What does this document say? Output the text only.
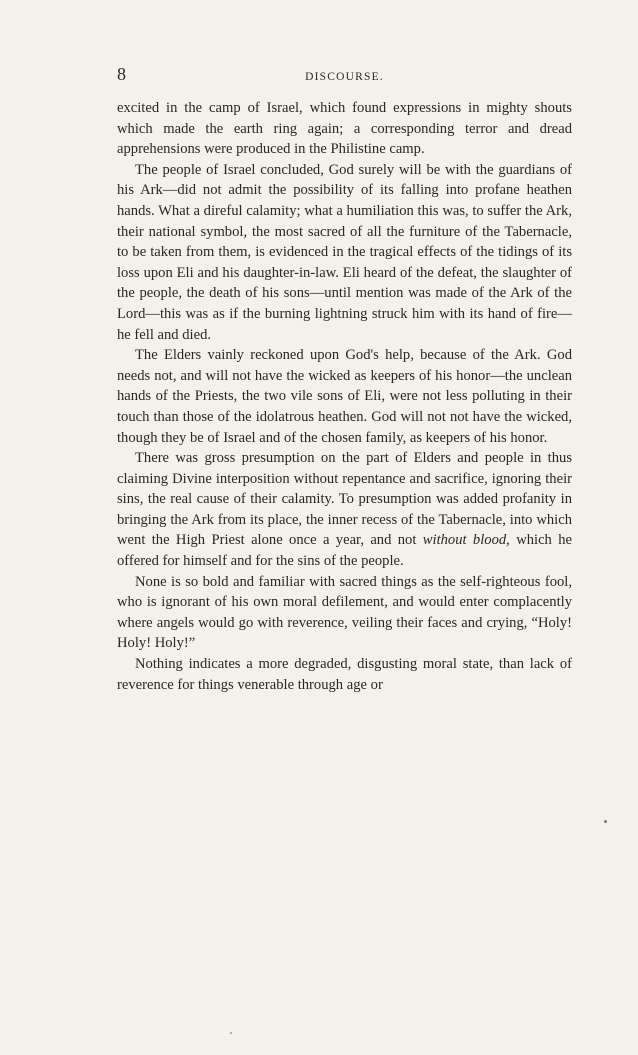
8	DISCOURSE.

excited in the camp of Israel, which found expressions in mighty shouts which made the earth ring again; a corresponding terror and dread apprehensions were produced in the Philistine camp.

The people of Israel concluded, God surely will be with the guardians of his Ark—did not admit the possibility of its falling into profane heathen hands. What a direful calamity; what a humiliation this was, to suffer the Ark, their national symbol, the most sacred of all the furniture of the Tabernacle, to be taken from them, is evidenced in the tragical effects of the tidings of its loss upon Eli and his daughter-in-law. Eli heard of the defeat, the slaughter of the people, the death of his sons—until mention was made of the Ark of the Lord—this was as if the burning lightning struck him with its hand of fire—he fell and died.

The Elders vainly reckoned upon God's help, because of the Ark. God needs not, and will not have the wicked as keepers of his honor—the unclean hands of the Priests, the two vile sons of Eli, were not less polluting in their touch than those of the idolatrous heathen. God will not not have the wicked, though they be of Israel and of the chosen family, as keepers of his honor.

There was gross presumption on the part of Elders and people in thus claiming Divine interposition without repentance and sacrifice, ignoring their sins, the real cause of their calamity. To presumption was added profanity in bringing the Ark from its place, the inner recess of the Tabernacle, into which went the High Priest alone once a year, and not without blood, which he offered for himself and for the sins of the people.

None is so bold and familiar with sacred things as the self-righteous fool, who is ignorant of his own moral defilement, and would enter complacently where angels would go with reverence, veiling their faces and crying, “Holy! Holy! Holy!”

Nothing indicates a more degraded, disgusting moral state, than lack of reverence for things venerable through age or
